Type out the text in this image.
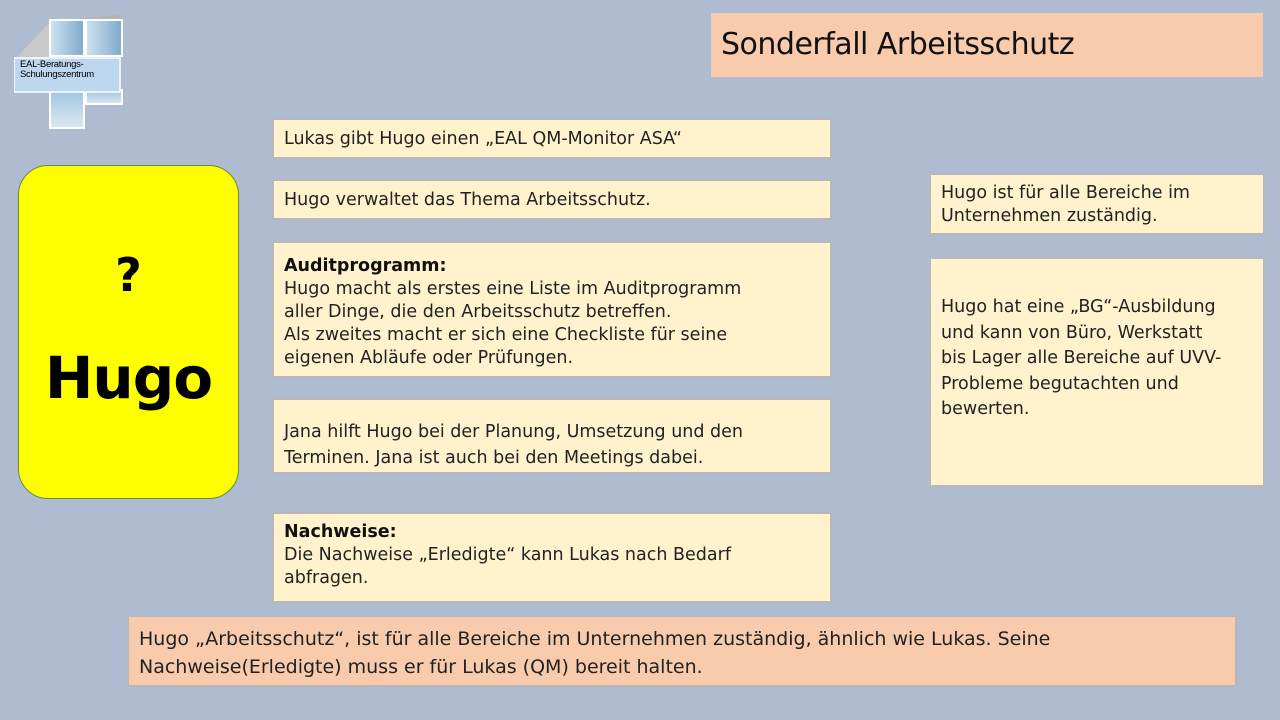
EAL-Beratungs-
Schulungszentrum
Sonderfall Arbeitsschutz
?
Hugo
Lukas gibt Hugo einen „EAL QM-Monitor ASA“
Hugo verwaltet das Thema Arbeitsschutz.
Auditprogramm:
Hugo macht als erstes eine Liste im Auditprogramm
aller Dinge, die den Arbeitsschutz betreffen.
Als zweites macht er sich eine Checkliste für seine
eigenen Abläufe oder Prüfungen.
Jana hilft Hugo bei der Planung, Umsetzung und den
Terminen. Jana ist auch bei den Meetings dabei.
Nachweise:
Die Nachweise „Erledigte“ kann Lukas nach Bedarf
abfragen.
Hugo ist für alle Bereiche im
Unternehmen zuständig.
Hugo hat eine „BG“-Ausbildung
und kann von Büro, Werkstatt
bis Lager alle Bereiche auf UVV-
Probleme begutachten und
bewerten.
Hugo „Arbeitsschutz“, ist für alle Bereiche im Unternehmen zuständig, ähnlich wie Lukas. Seine
Nachweise(Erledigte) muss er für Lukas (QM) bereit halten.
